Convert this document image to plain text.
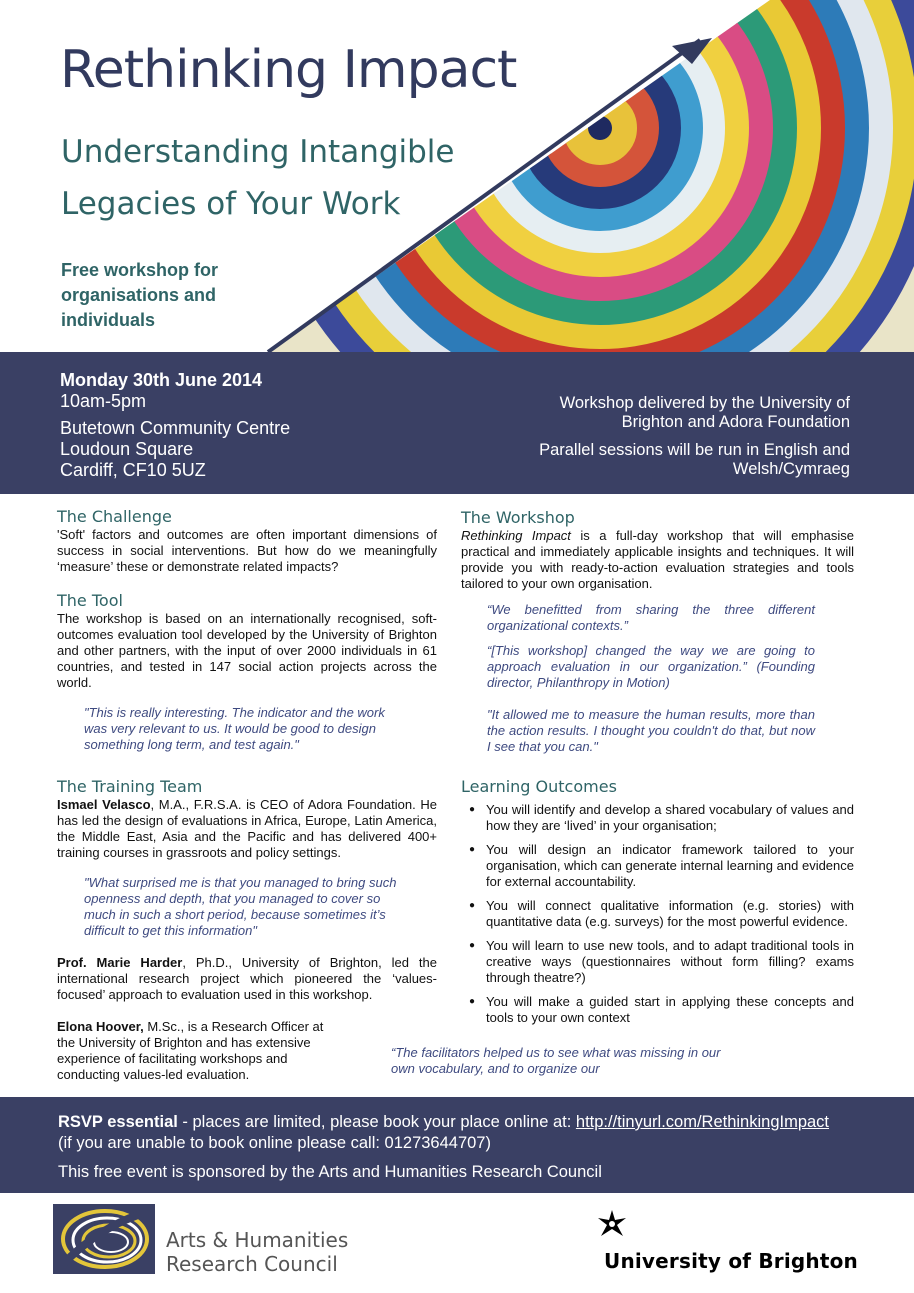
Rethinking Impact
Understanding Intangible
Legacies of Your Work
Free workshop for
organisations and
individuals
Monday 30th June 2014
10am-5pm
Butetown Community Centre
Loudoun Square
Cardiff, CF10 5UZ

Workshop delivered by the University of Brighton and Adora Foundation

Parallel sessions will be run in English and Welsh/Cymraeg

The Challenge

'Soft' factors and outcomes are often important dimensions of success in social interventions. But how do we meaningfully ‘measure’ these or demonstrate related impacts?

The Tool

The workshop is based on an internationally recognised, soft-outcomes evaluation tool developed by the University of Brighton and other partners, with the input of over 2000 individuals in 61 countries, and tested in 147 social action projects across the world.

"This is really interesting. The indicator and the work was very relevant to us. It would be good to design something long term, and test again."

The Training Team

Ismael Velasco, M.A., F.R.S.A. is CEO of Adora Foundation. He has led the design of evaluations in Africa, Europe, Latin America, the Middle East, Asia and the Pacific and has delivered 400+ training courses in grassroots and policy settings.

"What surprised me is that you managed to bring such openness and depth, that you managed to cover so much in such a short period, because sometimes it’s difficult to get this information"

Prof. Marie Harder, Ph.D., University of Brighton, led the international research project which pioneered the ‘values-focused’ approach to evaluation used in this workshop.

Elona Hoover, M.Sc., is a Research Officer at the University of Brighton and has extensive experience of facilitating workshops and conducting values-led evaluation.

The Workshop

Rethinking Impact is a full-day workshop that will emphasise practical and immediately applicable insights and techniques. It will provide you with ready-to-action evaluation strategies and tools tailored to your own organisation.

“We benefitted from sharing the three different organizational contexts.”

“[This workshop] changed the way we are going to approach evaluation in our organization.” (Founding director, Philanthropy in Motion)

"It allowed me to measure the human results, more than the action results. I thought you couldn't do that, but now I see that you can."

Learning Outcomes
● You will identify and develop a shared vocabulary of values and how they are ‘lived’ in your organisation;
● You will design an indicator framework tailored to your organisation, which can generate internal learning and evidence for external accountability.
● You will connect qualitative information (e.g. stories) with quantitative data (e.g. surveys) for the most powerful evidence.
● You will learn to use new tools, and to adapt traditional tools in creative ways (questionnaires without form filling? exams through theatre?)
● You will make a guided start in applying these concepts and tools to your own context

“The facilitators helped us to see what was missing in our own vocabulary, and to organize our

RSVP essential - places are limited, please book your place online at: http://tinyurl.com/RethinkingImpact
(if you are unable to book online please call: 01273644707)
This free event is sponsored by the Arts and Humanities Research Council
Arts & Humanities
Research Council	University of Brighton
